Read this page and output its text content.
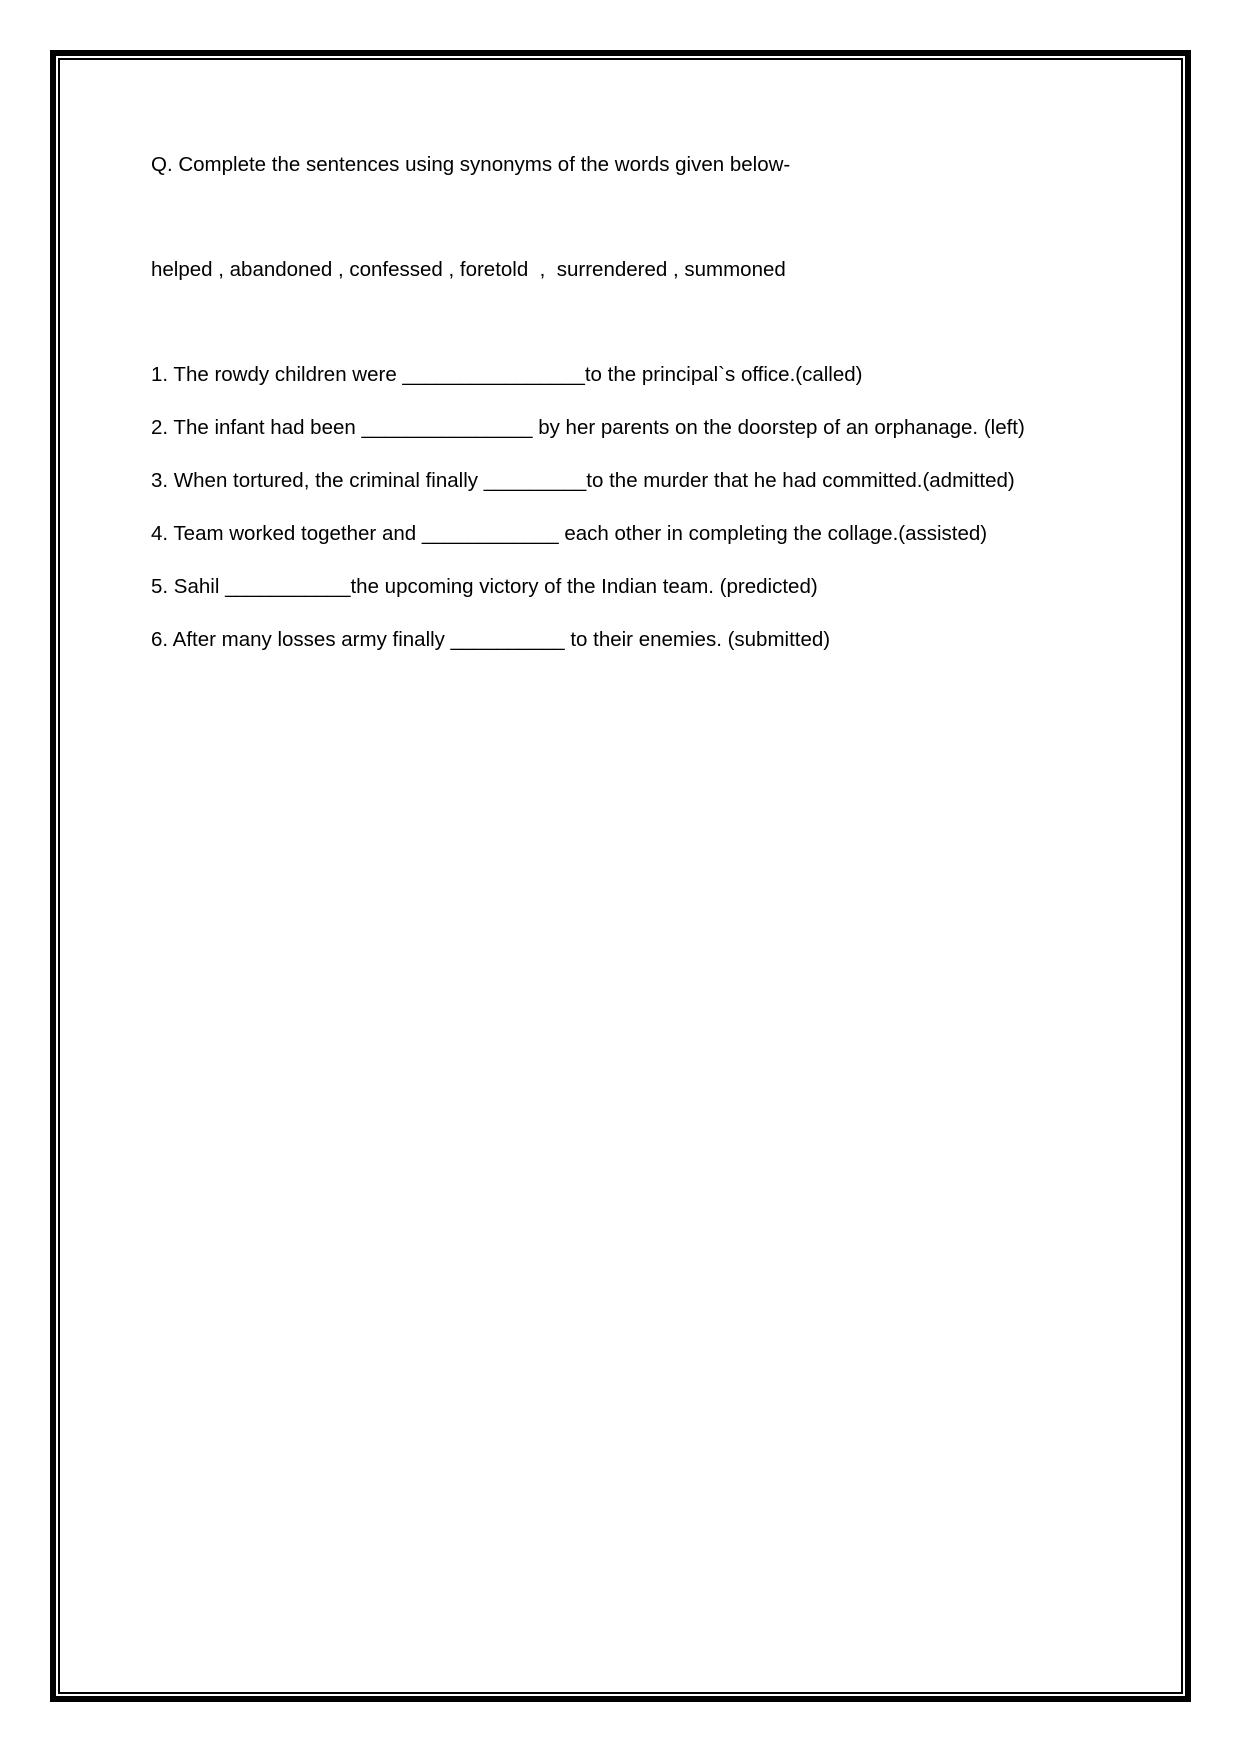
Q. Complete the sentences using synonyms of the words given below-

helped , abandoned , confessed , foretold  ,  surrendered , summoned

1. The rowdy children were ________________to the principal`s office.(called)

2. The infant had been _______________ by her parents on the doorstep of an orphanage. (left)

3. When tortured, the criminal finally _________to the murder that he had committed.(admitted)

4. Team worked together and ____________ each other in completing the collage.(assisted)

5. Sahil ___________the upcoming victory of the Indian team. (predicted)

6. After many losses army finally __________ to their enemies. (submitted)
